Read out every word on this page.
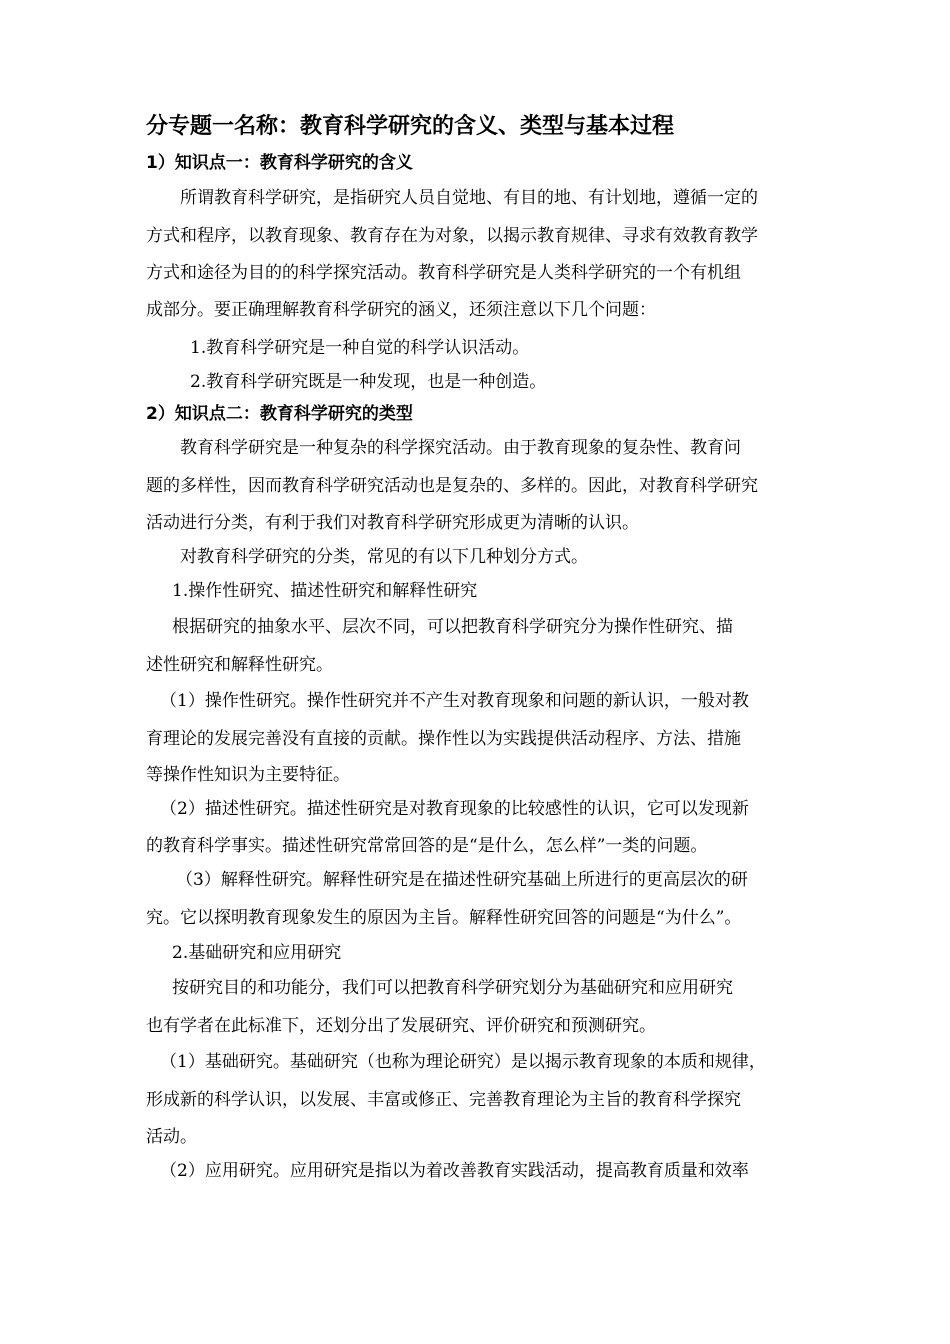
分专题一名称：教育科学研究的含义、类型与基本过程
1）知识点一：教育科学研究的含义
所谓教育科学研究，是指研究人员自觉地、有目的地、有计划地，遵循一定的
方式和程序，以教育现象、教育存在为对象，以揭示教育规律、寻求有效教育教学
方式和途径为目的的科学探究活动。教育科学研究是人类科学研究的一个有机组
成部分。要正确理解教育科学研究的涵义，还须注意以下几个问题：
1.教育科学研究是一种自觉的科学认识活动。
2.教育科学研究既是一种发现，也是一种创造。
2）知识点二：教育科学研究的类型
教育科学研究是一种复杂的科学探究活动。由于教育现象的复杂性、教育问
题的多样性，因而教育科学研究活动也是复杂的、多样的。因此，对教育科学研究
活动进行分类，有利于我们对教育科学研究形成更为清晰的认识。
对教育科学研究的分类，常见的有以下几种划分方式。
1.操作性研究、描述性研究和解释性研究
根据研究的抽象水平、层次不同，可以把教育科学研究分为操作性研究、描
述性研究和解释性研究。
（1）操作性研究。操作性研究并不产生对教育现象和问题的新认识，一般对教
育理论的发展完善没有直接的贡献。操作性以为实践提供活动程序、方法、措施
等操作性知识为主要特征。
（2）描述性研究。描述性研究是对教育现象的比较感性的认识，它可以发现新
的教育科学事实。描述性研究常常回答的是“是什么，怎么样”一类的问题。
（3）解释性研究。解释性研究是在描述性研究基础上所进行的更高层次的研
究。它以探明教育现象发生的原因为主旨。解释性研究回答的问题是“为什么”。
2.基础研究和应用研究
按研究目的和功能分，我们可以把教育科学研究划分为基础研究和应用研究
也有学者在此标准下，还划分出了发展研究、评价研究和预测研究。
（1）基础研究。基础研究（也称为理论研究）是以揭示教育现象的本质和规律，
形成新的科学认识，以发展、丰富或修正、完善教育理论为主旨的教育科学探究
活动。
（2）应用研究。应用研究是指以为着改善教育实践活动，提高教育质量和效率
